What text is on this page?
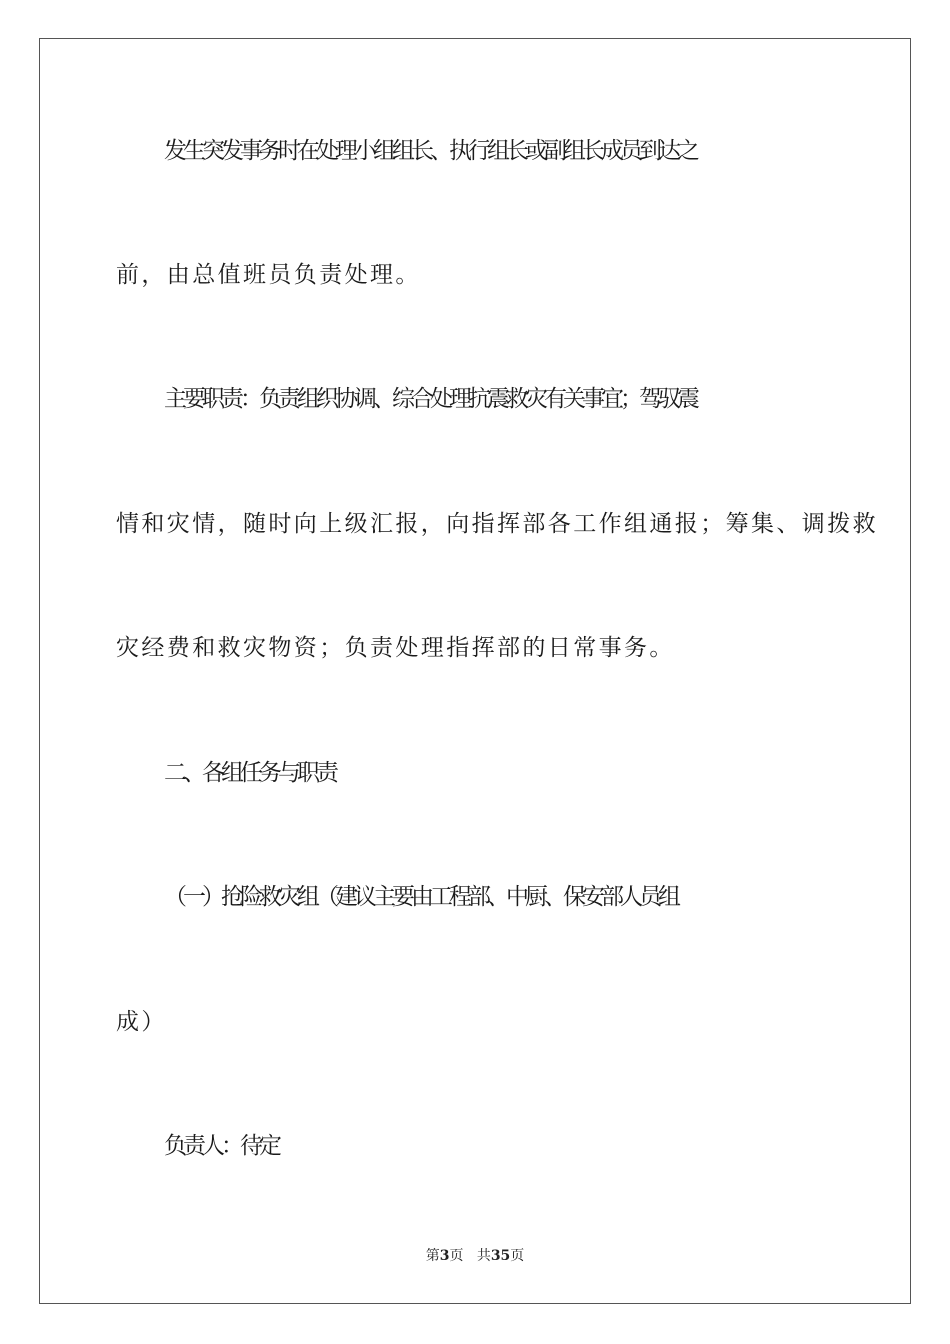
发生突发事务时在处理小组组长、执行组长或副组长成员到达之
前，由总值班员负责处理。
主要职责：负责组织协调、综合处理抗震救灾有关事宜；驾驭震
情和灾情，随时向上级汇报，向指挥部各工作组通报；筹集、调拨救
灾经费和救灾物资；负责处理指挥部的日常事务。
二、各组任务与职责
（一）抢险救灾组（建议主要由工程部、中厨、保安部人员组
成）
负责人：待定
第3页 共35页
